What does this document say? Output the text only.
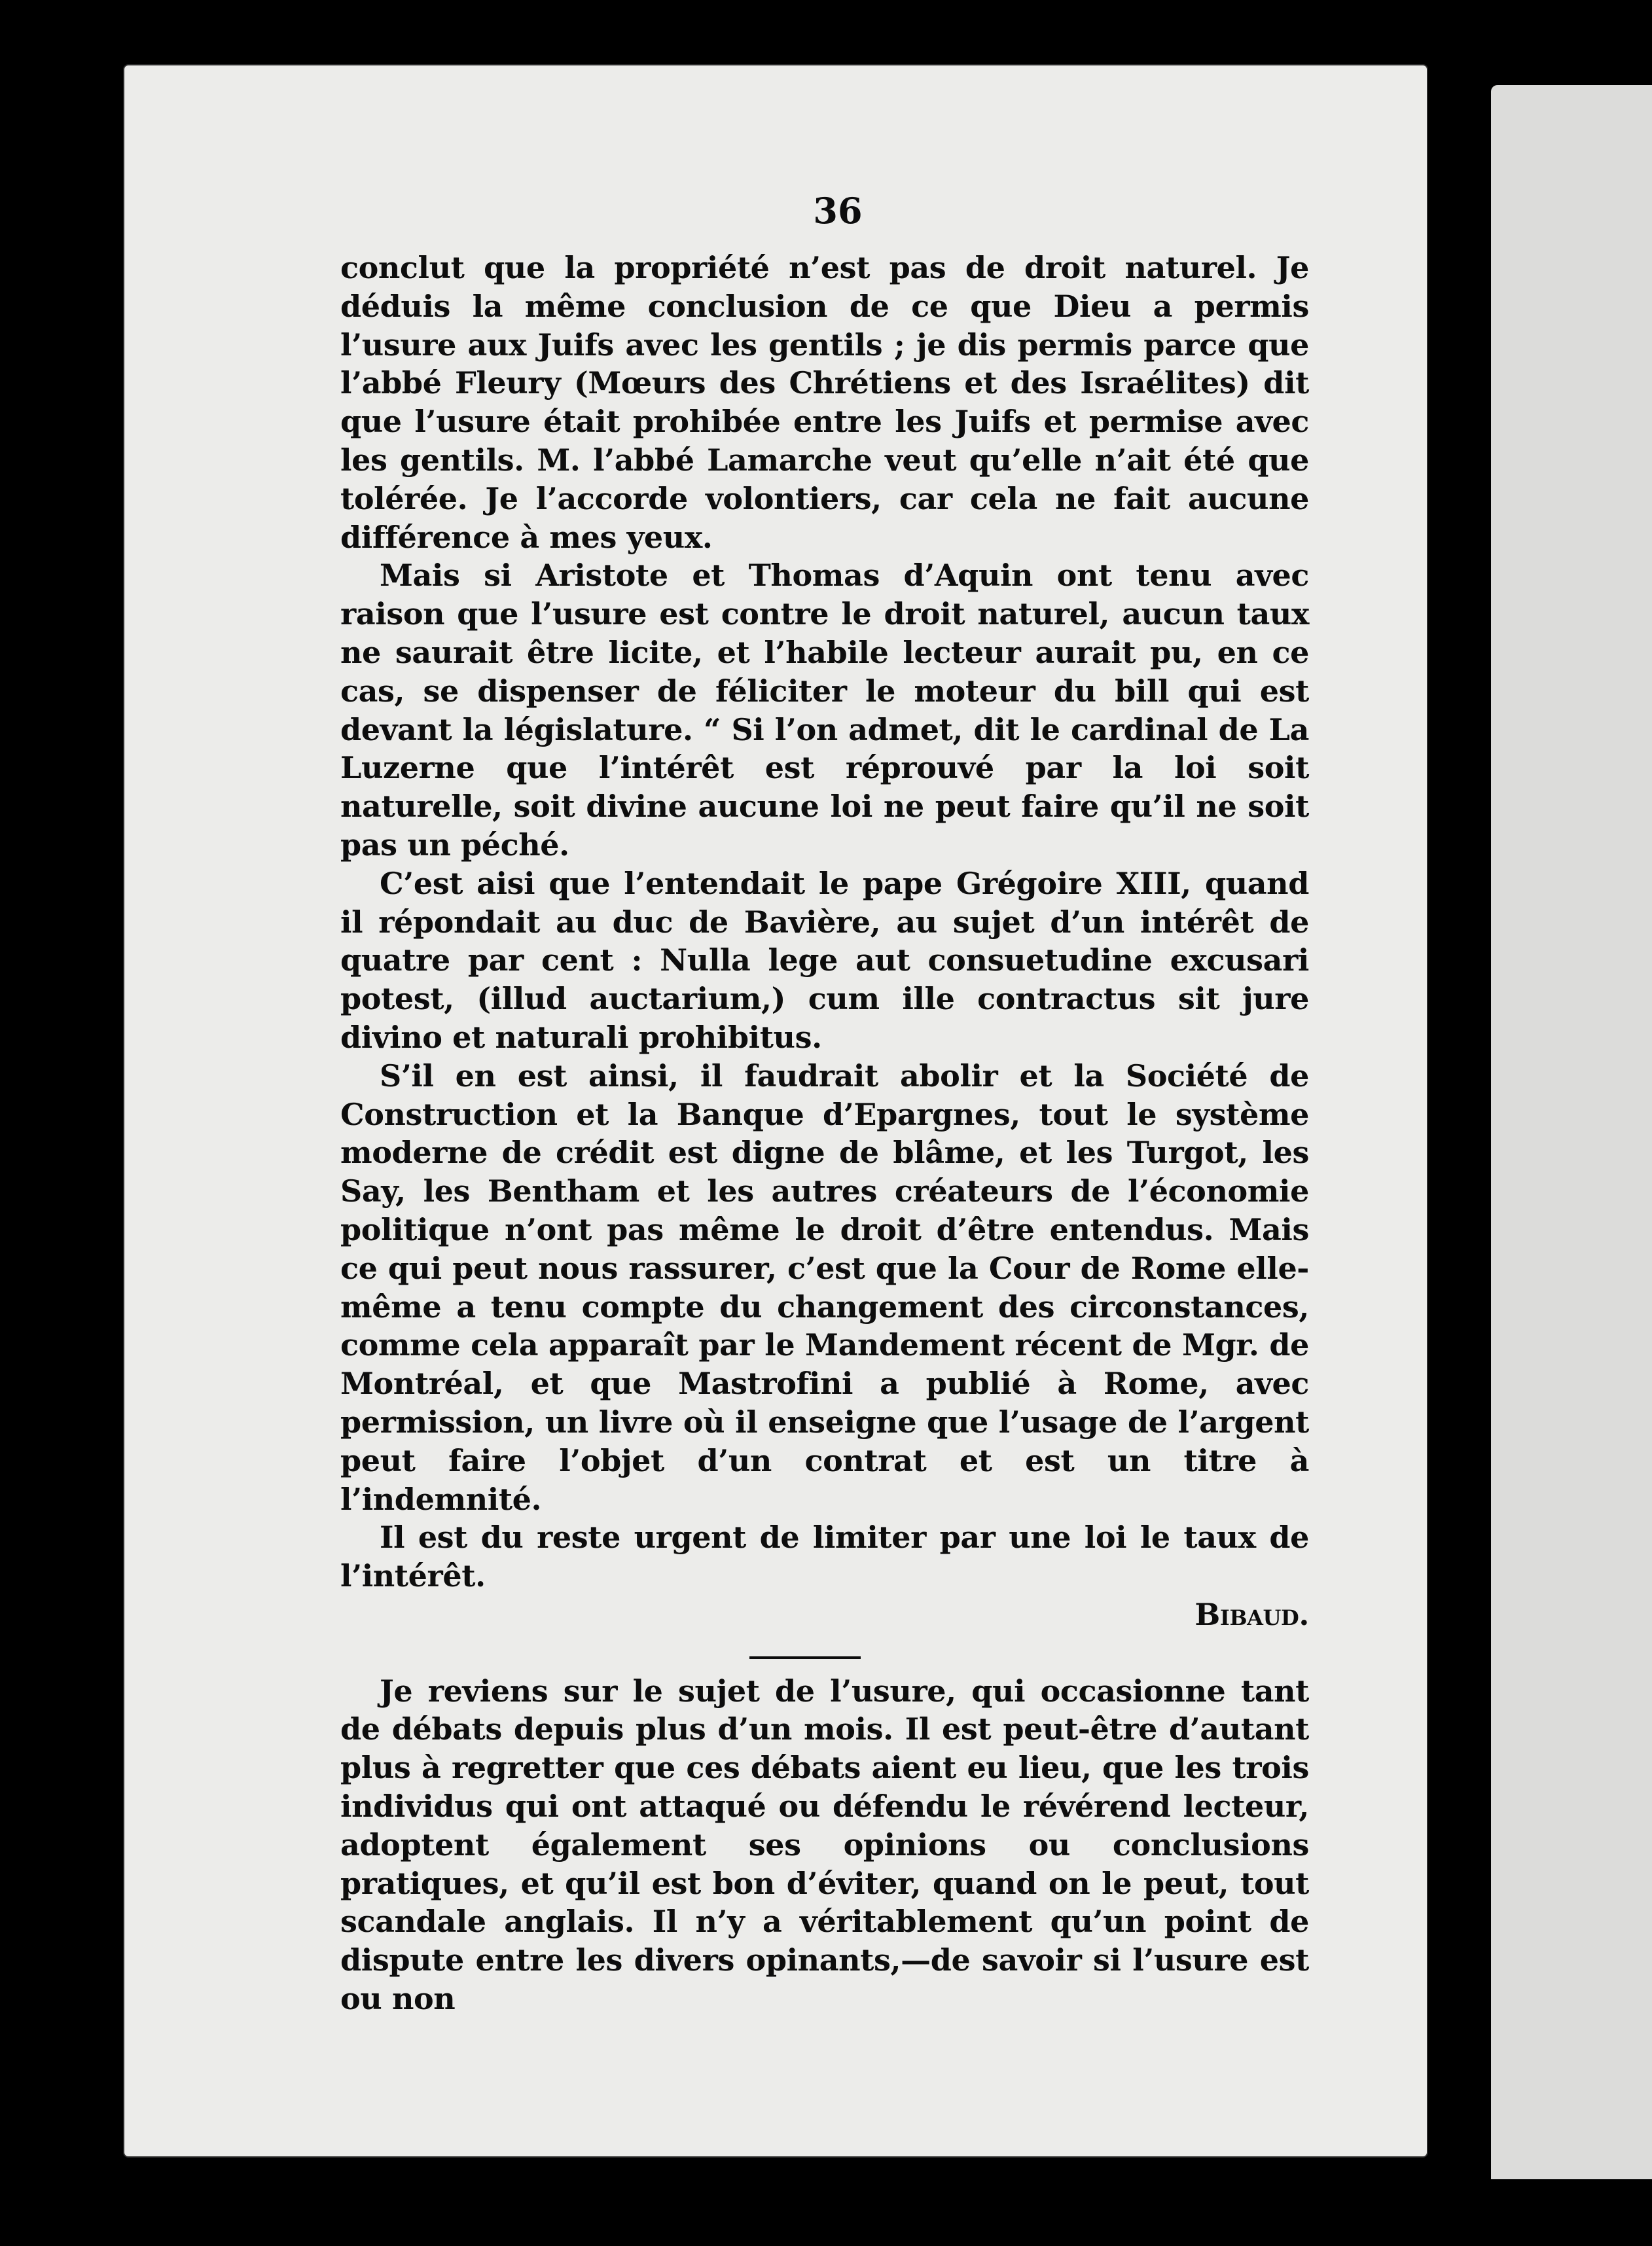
36

conclut que la propriété n’est pas de droit naturel. Je déduis la même conclusion de ce que Dieu a permis l’usure aux Juifs avec les gentils ; je dis permis parce que l’abbé Fleury (Mœurs des Chrétiens et des Israélites) dit que l’usure était prohibée entre les Juifs et permise avec les gentils. M. l’abbé Lamarche veut qu’elle n’ait été que tolérée. Je l’accorde volontiers, car cela ne fait aucune différence à mes yeux.

Mais si Aristote et Thomas d’Aquin ont tenu avec raison que l’usure est contre le droit naturel, aucun taux ne saurait être licite, et l’habile lecteur aurait pu, en ce cas, se dispenser de féliciter le moteur du bill qui est devant la législature. “ Si l’on admet, dit le cardinal de La Luzerne que l’intérêt est réprouvé par la loi soit naturelle, soit divine aucune loi ne peut faire qu’il ne soit pas un péché.

C’est aisi que l’entendait le pape Grégoire XIII, quand il répondait au duc de Bavière, au sujet d’un intérêt de quatre par cent : Nulla lege aut consuetudine excusari potest, (illud auctarium,) cum ille contractus sit jure divino et naturali prohibitus.

S’il en est ainsi, il faudrait abolir et la Société de Construction et la Banque d’Epargnes, tout le système moderne de crédit est digne de blâme, et les Turgot, les Say, les Bentham et les autres créateurs de l’économie politique n’ont pas même le droit d’être entendus. Mais ce qui peut nous rassurer, c’est que la Cour de Rome elle-même a tenu compte du changement des circonstances, comme cela apparaît par le Mandement récent de Mgr. de Montréal, et que Mastrofini a publié à Rome, avec permission, un livre où il enseigne que l’usage de l’argent peut faire l’objet d’un contrat et est un titre à l’indemnité.

Il est du reste urgent de limiter par une loi le taux de l’intérêt.

Bibaud.

Je reviens sur le sujet de l’usure, qui occasionne tant de débats depuis plus d’un mois. Il est peut-être d’autant plus à regretter que ces débats aient eu lieu, que les trois individus qui ont attaqué ou défendu le révérend lecteur, adoptent également ses opinions ou conclusions pratiques, et qu’il est bon d’éviter, quand on le peut, tout scandale anglais. Il n’y a véritablement qu’un point de dispute entre les divers opinants,—de savoir si l’usure est ou non
